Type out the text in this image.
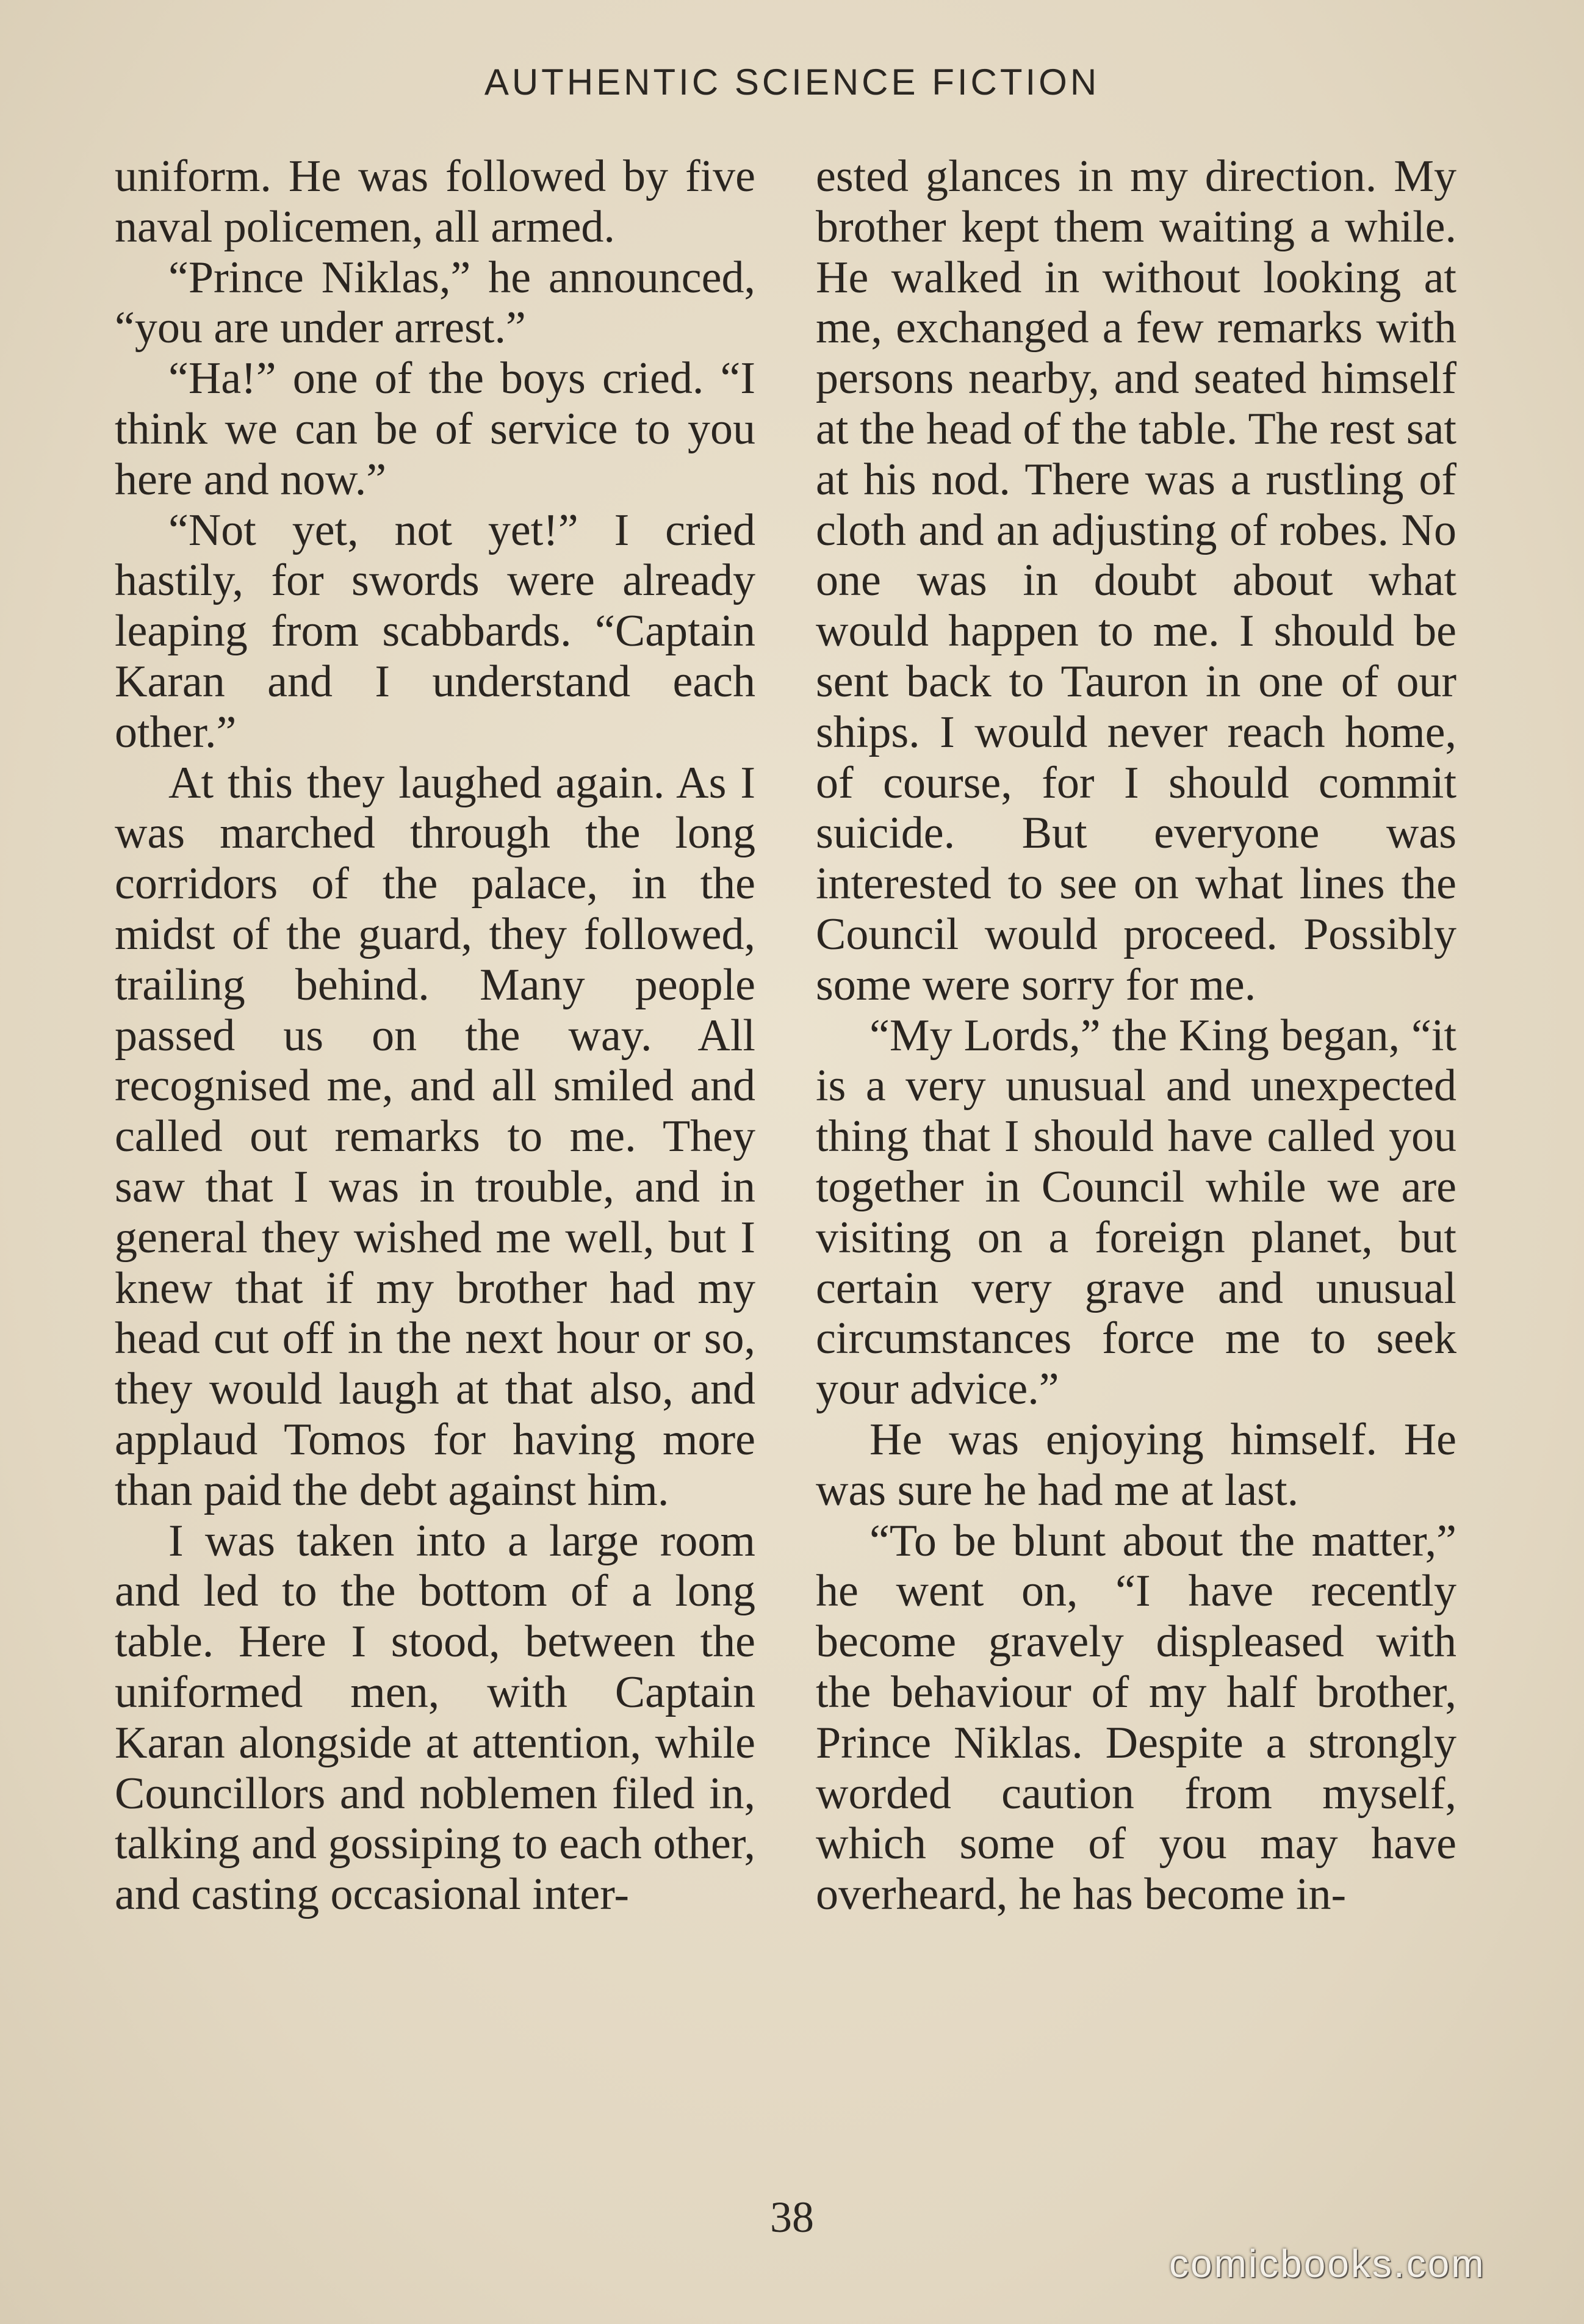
AUTHENTIC SCIENCE FICTION

uniform. He was followed by five naval policemen, all armed.

“Prince Niklas,” he announced, “you are under arrest.”

“Ha!” one of the boys cried. “I think we can be of service to you here and now.”

“Not yet, not yet!” I cried hastily, for swords were already leaping from scabbards. “Captain Karan and I understand each other.”

At this they laughed again. As I was marched through the long corridors of the palace, in the midst of the guard, they followed, trailing behind. Many people passed us on the way. All recognised me, and all smiled and called out remarks to me. They saw that I was in trouble, and in general they wished me well, but I knew that if my brother had my head cut off in the next hour or so, they would laugh at that also, and applaud Tomos for having more than paid the debt against him.

I was taken into a large room and led to the bottom of a long table. Here I stood, between the uniformed men, with Captain Karan alongside at attention, while Councillors and noblemen filed in, talking and gossiping to each other, and casting occasional inter-

ested glances in my direction. My brother kept them waiting a while. He walked in without looking at me, exchanged a few remarks with persons nearby, and seated himself at the head of the table. The rest sat at his nod. There was a rustling of cloth and an adjusting of robes. No one was in doubt about what would happen to me. I should be sent back to Tauron in one of our ships. I would never reach home, of course, for I should commit suicide. But everyone was interested to see on what lines the Council would proceed. Possibly some were sorry for me.

“My Lords,” the King began, “it is a very unusual and unexpected thing that I should have called you together in Council while we are visiting on a foreign planet, but certain very grave and unusual circumstances force me to seek your advice.”

He was enjoying himself. He was sure he had me at last.

“To be blunt about the matter,” he went on, “I have recently become gravely displeased with the behaviour of my half brother, Prince Niklas. Despite a strongly worded caution from myself, which some of you may have overheard, he has become in-

38
comicbooks.com
